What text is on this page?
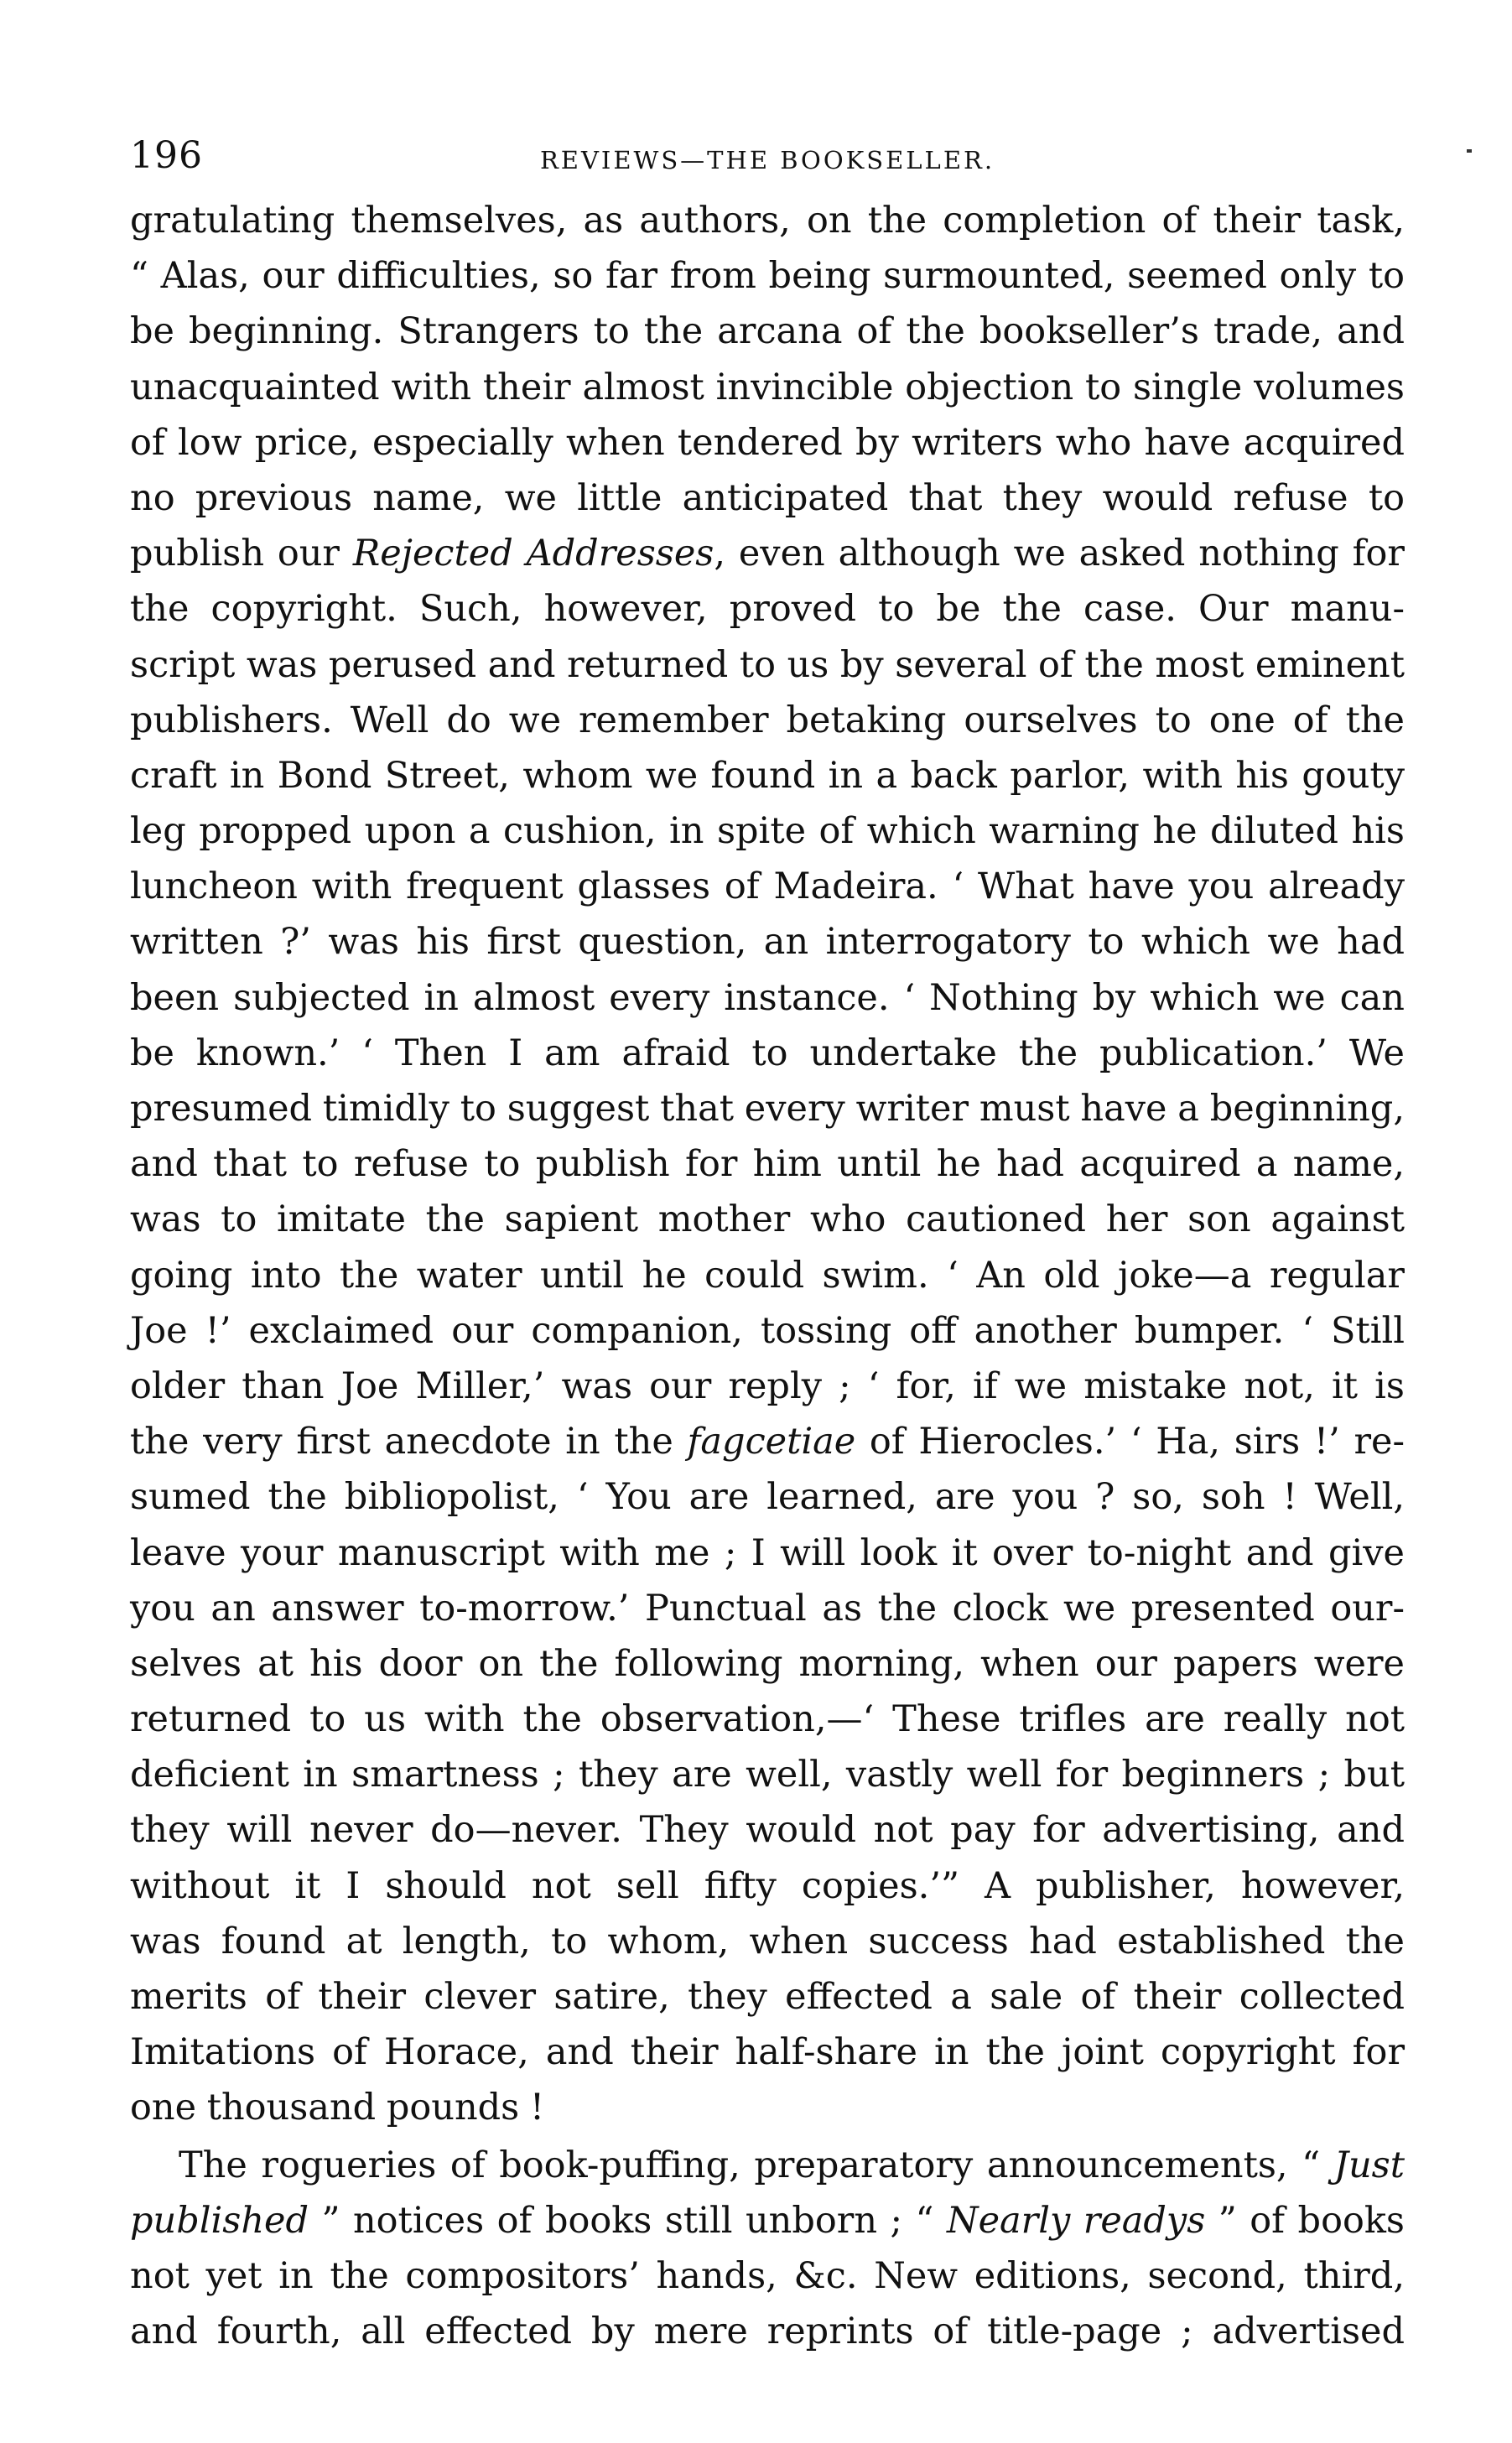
196	REVIEWS—THE BOOKSELLER.
gratulating themselves, as authors, on the completion of their task,
“ Alas, our difficulties, so far from being surmounted, seemed only to
be beginning. Strangers to the arcana of the bookseller’s trade, and
unacquainted with their almost invincible objection to single volumes
of low price, especially when tendered by writers who have acquired
no previous name, we little anticipated that they would refuse to
publish our Rejected Addresses, even although we asked nothing for
the copyright. Such, however, proved to be the case. Our manu-
script was perused and returned to us by several of the most eminent
publishers. Well do we remember betaking ourselves to one of the
craft in Bond Street, whom we found in a back parlor, with his gouty
leg propped upon a cushion, in spite of which warning he diluted his
luncheon with frequent glasses of Madeira. ‘ What have you already
written ?’ was his first question, an interrogatory to which we had
been subjected in almost every instance. ‘ Nothing by which we can
be known.’ ‘ Then I am afraid to undertake the publication.’ We
presumed timidly to suggest that every writer must have a beginning,
and that to refuse to publish for him until he had acquired a name,
was to imitate the sapient mother who cautioned her son against
going into the water until he could swim. ‘ An old joke—a regular
Joe !’ exclaimed our companion, tossing off another bumper. ‘ Still
older than Joe Miller,’ was our reply ; ‘ for, if we mistake not, it is
the very first anecdote in the fagcetiae of Hierocles.’ ‘ Ha, sirs !’ re-
sumed the bibliopolist, ‘ You are learned, are you ? so, soh ! Well,
leave your manuscript with me ; I will look it over to-night and give
you an answer to-morrow.’ Punctual as the clock we presented our-
selves at his door on the following morning, when our papers were
returned to us with the observation,—‘ These trifles are really not
deficient in smartness ; they are well, vastly well for beginners ; but
they will never do—never. They would not pay for advertising, and
without it I should not sell fifty copies.’” A publisher, however,
was found at length, to whom, when success had established the
merits of their clever satire, they effected a sale of their collected
Imitations of Horace, and their half-share in the joint copyright for
one thousand pounds !
The rogueries of book-puffing, preparatory announcements, “ Just
published ” notices of books still unborn ; “ Nearly readys ” of books
not yet in the compositors’ hands, &c. New editions, second, third,
and fourth, all effected by mere reprints of title-page ; advertised
